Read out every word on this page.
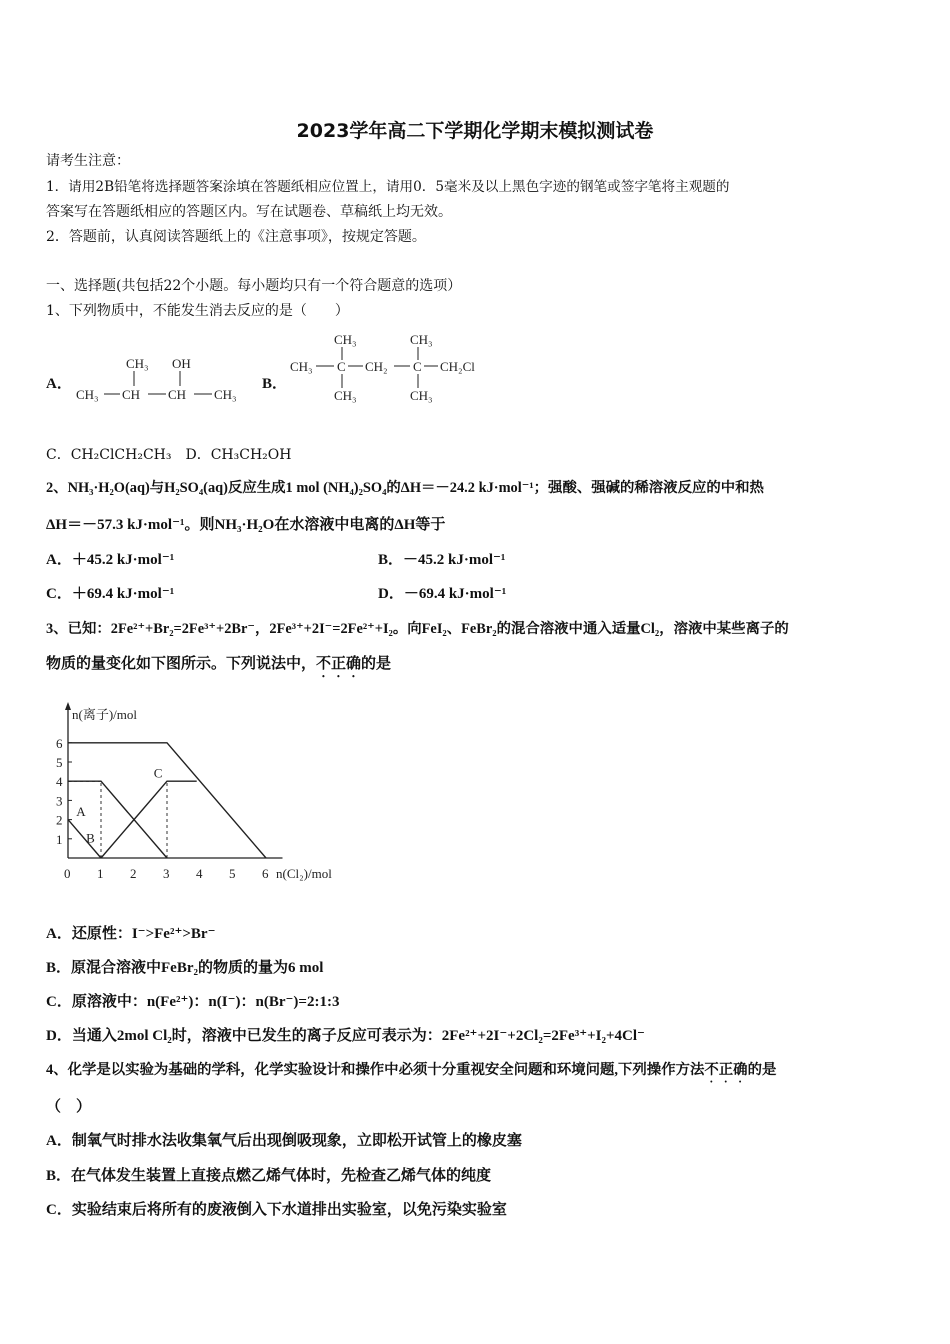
2023学年高二下学期化学期末模拟测试卷
请考生注意：
1．请用2B铅笔将选择题答案涂填在答题纸相应位置上，请用0．5毫米及以上黑色字迹的钢笔或签字笔将主观题的
答案写在答题纸相应的答题区内。写在试题卷、草稿纸上均无效。
2．答题前，认真阅读答题纸上的《注意事项》，按规定答题。
一、选择题(共包括22个小题。每小题均只有一个符合题意的选项）
1、下列物质中，不能发生消去反应的是（　　）
A．
CH₃ OH
CH₃ CH CH CH₃
B．
CH₃	CH₃
CH₃ C CH₂ C CH₂Cl
CH₃	CH₃
C．CH₂ClCH₂CH₃　D．CH₃CH₂OH
2、NH₃·H₂O(aq)与H₂SO₄(aq)反应生成1 mol (NH₄)₂SO₄的ΔH＝－24.2 kJ·mol⁻¹；强酸、强碱的稀溶液反应的中和热
ΔH＝－57.3 kJ·mol⁻¹。则NH₃·H₂O在水溶液中电离的ΔH等于
A．＋45.2 kJ·mol⁻¹	B．－45.2 kJ·mol⁻¹
C．＋69.4 kJ·mol⁻¹	D．－69.4 kJ·mol⁻¹
3、已知：2Fe²⁺+Br₂=2Fe³⁺+2Br⁻，2Fe³⁺+2I⁻=2Fe²⁺+I₂。向FeI₂、FeBr₂的混合溶液中通入适量Cl₂，溶液中某些离子的
物质的量变化如下图所示。下列说法中，不正确的是
A
B
C
0 1 2 3 4 5 6
1
2
3
4
5
6
n(离子)/mol
n(Cl₂)/mol
A．还原性：I⁻>Fe²⁺>Br⁻
B．原混合溶液中FeBr₂的物质的量为6 mol
C．原溶液中：n(Fe²⁺)：n(I⁻)：n(Br⁻)=2:1:3
D．当通入2mol Cl₂时，溶液中已发生的离子反应可表示为：2Fe²⁺+2I⁻+2Cl₂=2Fe³⁺+I₂+4Cl⁻
4、化学是以实验为基础的学科，化学实验设计和操作中必须十分重视安全问题和环境问题,下列操作方法不正确的是
（　）
A．制氧气时排水法收集氧气后出现倒吸现象，立即松开试管上的橡皮塞
B．在气体发生装置上直接点燃乙烯气体时，先检查乙烯气体的纯度
C．实验结束后将所有的废液倒入下水道排出实验室，以免污染实验室
